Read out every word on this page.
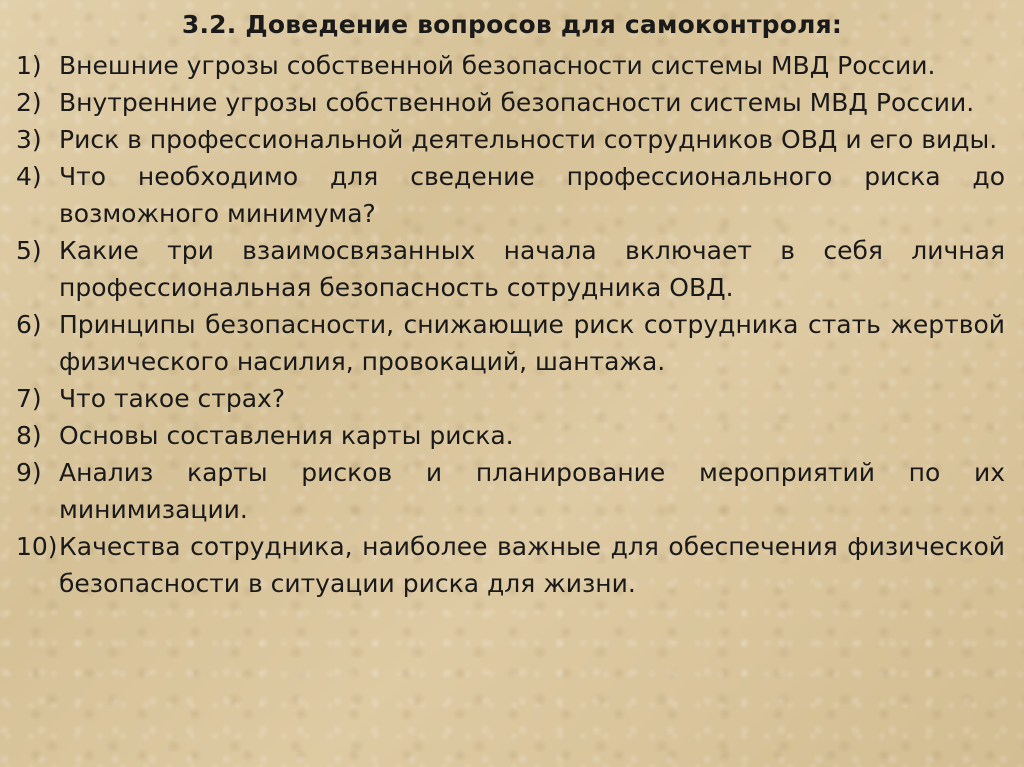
3.2. Доведение вопросов для самоконтроля:
1) Внешние угрозы собственной безопасности системы МВД России.
2) Внутренние угрозы собственной безопасности системы МВД России.
3) Риск в профессиональной деятельности сотрудников ОВД и его виды.
4) Что необходимо для сведение профессионального риска до возможного минимума?
5) Какие три взаимосвязанных начала включает в себя личная профессиональная безопасность сотрудника ОВД.
6) Принципы безопасности, снижающие риск сотрудника стать жертвой физического насилия, провокаций, шантажа.
7) Что такое страх?
8) Основы составления карты риска.
9) Анализ карты рисков и планирование мероприятий по их минимизации.
10) Качества сотрудника, наиболее важные для обеспечения физической безопасности в ситуации риска для жизни.
